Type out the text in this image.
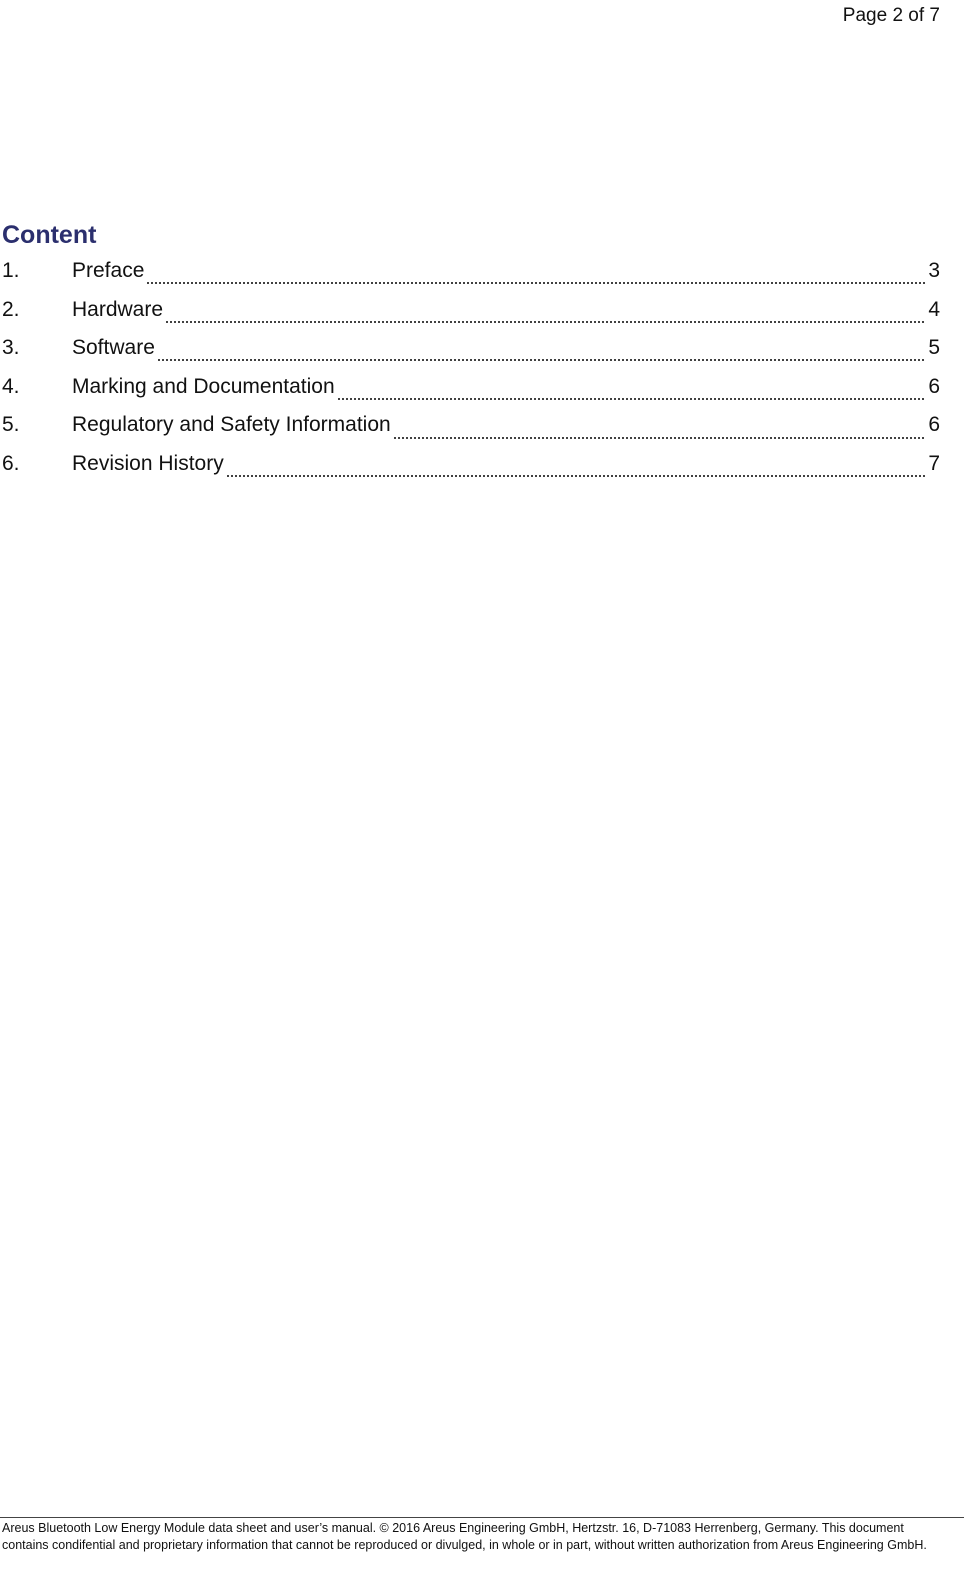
Page 2 of 7
Content
1.	Preface	3
2.	Hardware	4
3.	Software	5
4.	Marking and Documentation	6
5.	Regulatory and Safety Information	6
6.	Revision History	7

Areus Bluetooth Low Energy Module data sheet and user’s manual. © 2016 Areus Engineering GmbH, Hertzstr. 16, D-71083 Herrenberg, Germany. This document contains condifential and proprietary information that cannot be reproduced or divulged, in whole or in part, without written authorization from Areus Engineering GmbH.
